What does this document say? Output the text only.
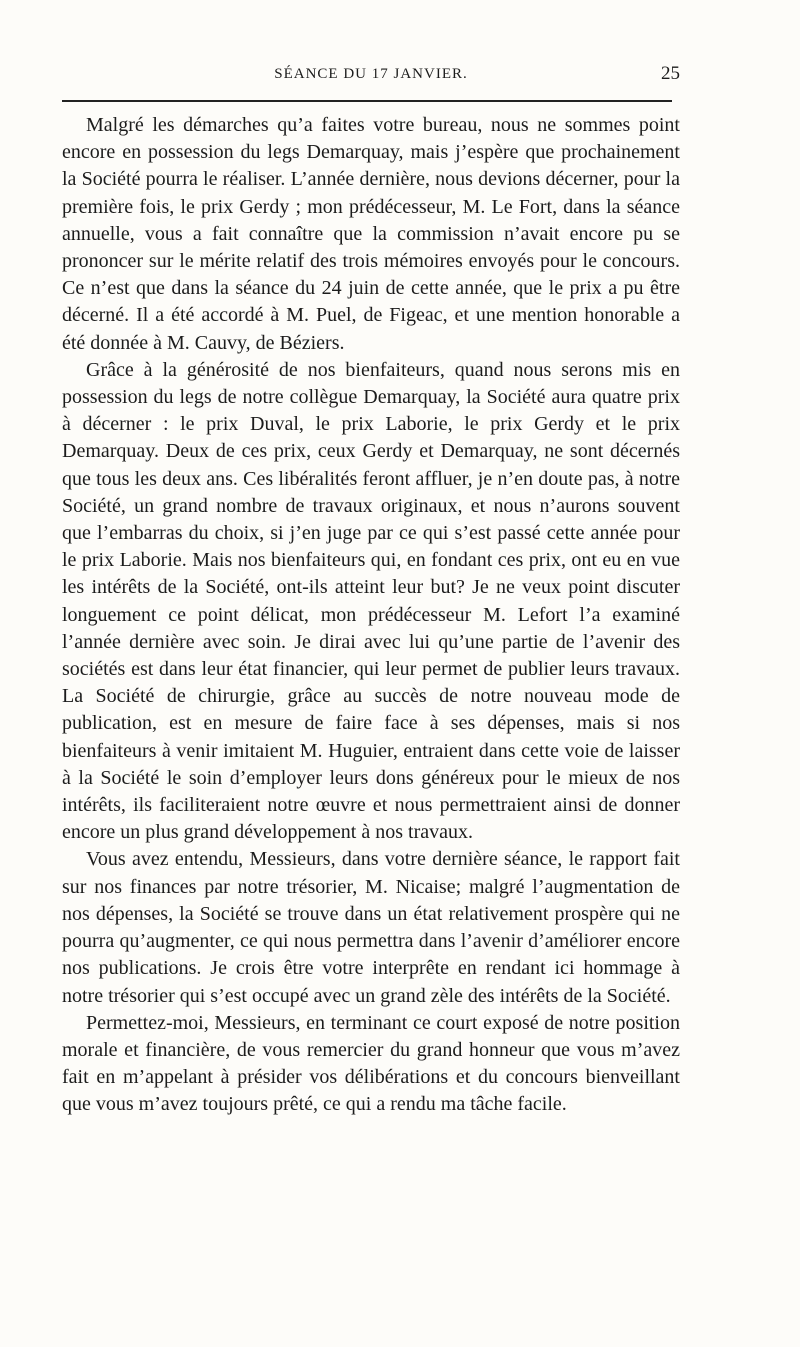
SÉANCE DU 17 JANVIER.	25

Malgré les démarches qu’a faites votre bureau, nous ne sommes point encore en possession du legs Demarquay, mais j’espère que prochainement la Société pourra le réaliser. L’année dernière, nous devions décerner, pour la première fois, le prix Gerdy ; mon prédécesseur, M. Le Fort, dans la séance annuelle, vous a fait connaître que la commission n’avait encore pu se prononcer sur le mérite relatif des trois mémoires envoyés pour le concours. Ce n’est que dans la séance du 24 juin de cette année, que le prix a pu être décerné. Il a été accordé à M. Puel, de Figeac, et une mention honorable a été donnée à M. Cauvy, de Béziers.

Grâce à la générosité de nos bienfaiteurs, quand nous serons mis en possession du legs de notre collègue Demarquay, la Société aura quatre prix à décerner : le prix Duval, le prix Laborie, le prix Gerdy et le prix Demarquay. Deux de ces prix, ceux Gerdy et Demarquay, ne sont décernés que tous les deux ans. Ces libéralités feront affluer, je n’en doute pas, à notre Société, un grand nombre de travaux originaux, et nous n’aurons souvent que l’embarras du choix, si j’en juge par ce qui s’est passé cette année pour le prix Laborie. Mais nos bienfaiteurs qui, en fondant ces prix, ont eu en vue les intérêts de la Société, ont-ils atteint leur but? Je ne veux point discuter longuement ce point délicat, mon prédécesseur M. Lefort l’a examiné l’année dernière avec soin. Je dirai avec lui qu’une partie de l’avenir des sociétés est dans leur état financier, qui leur permet de publier leurs travaux. La Société de chirurgie, grâce au succès de notre nouveau mode de publication, est en mesure de faire face à ses dépenses, mais si nos bienfaiteurs à venir imitaient M. Huguier, entraient dans cette voie de laisser à la Société le soin d’employer leurs dons généreux pour le mieux de nos intérêts, ils faciliteraient notre œuvre et nous permettraient ainsi de donner encore un plus grand développement à nos travaux.

Vous avez entendu, Messieurs, dans votre dernière séance, le rapport fait sur nos finances par notre trésorier, M. Nicaise; malgré l’augmentation de nos dépenses, la Société se trouve dans un état relativement prospère qui ne pourra qu’augmenter, ce qui nous permettra dans l’avenir d’améliorer encore nos publications. Je crois être votre interprête en rendant ici hommage à notre trésorier qui s’est occupé avec un grand zèle des intérêts de la Société.

Permettez-moi, Messieurs, en terminant ce court exposé de notre position morale et financière, de vous remercier du grand honneur que vous m’avez fait en m’appelant à présider vos délibérations et du concours bienveillant que vous m’avez toujours prêté, ce qui a rendu ma tâche facile.
